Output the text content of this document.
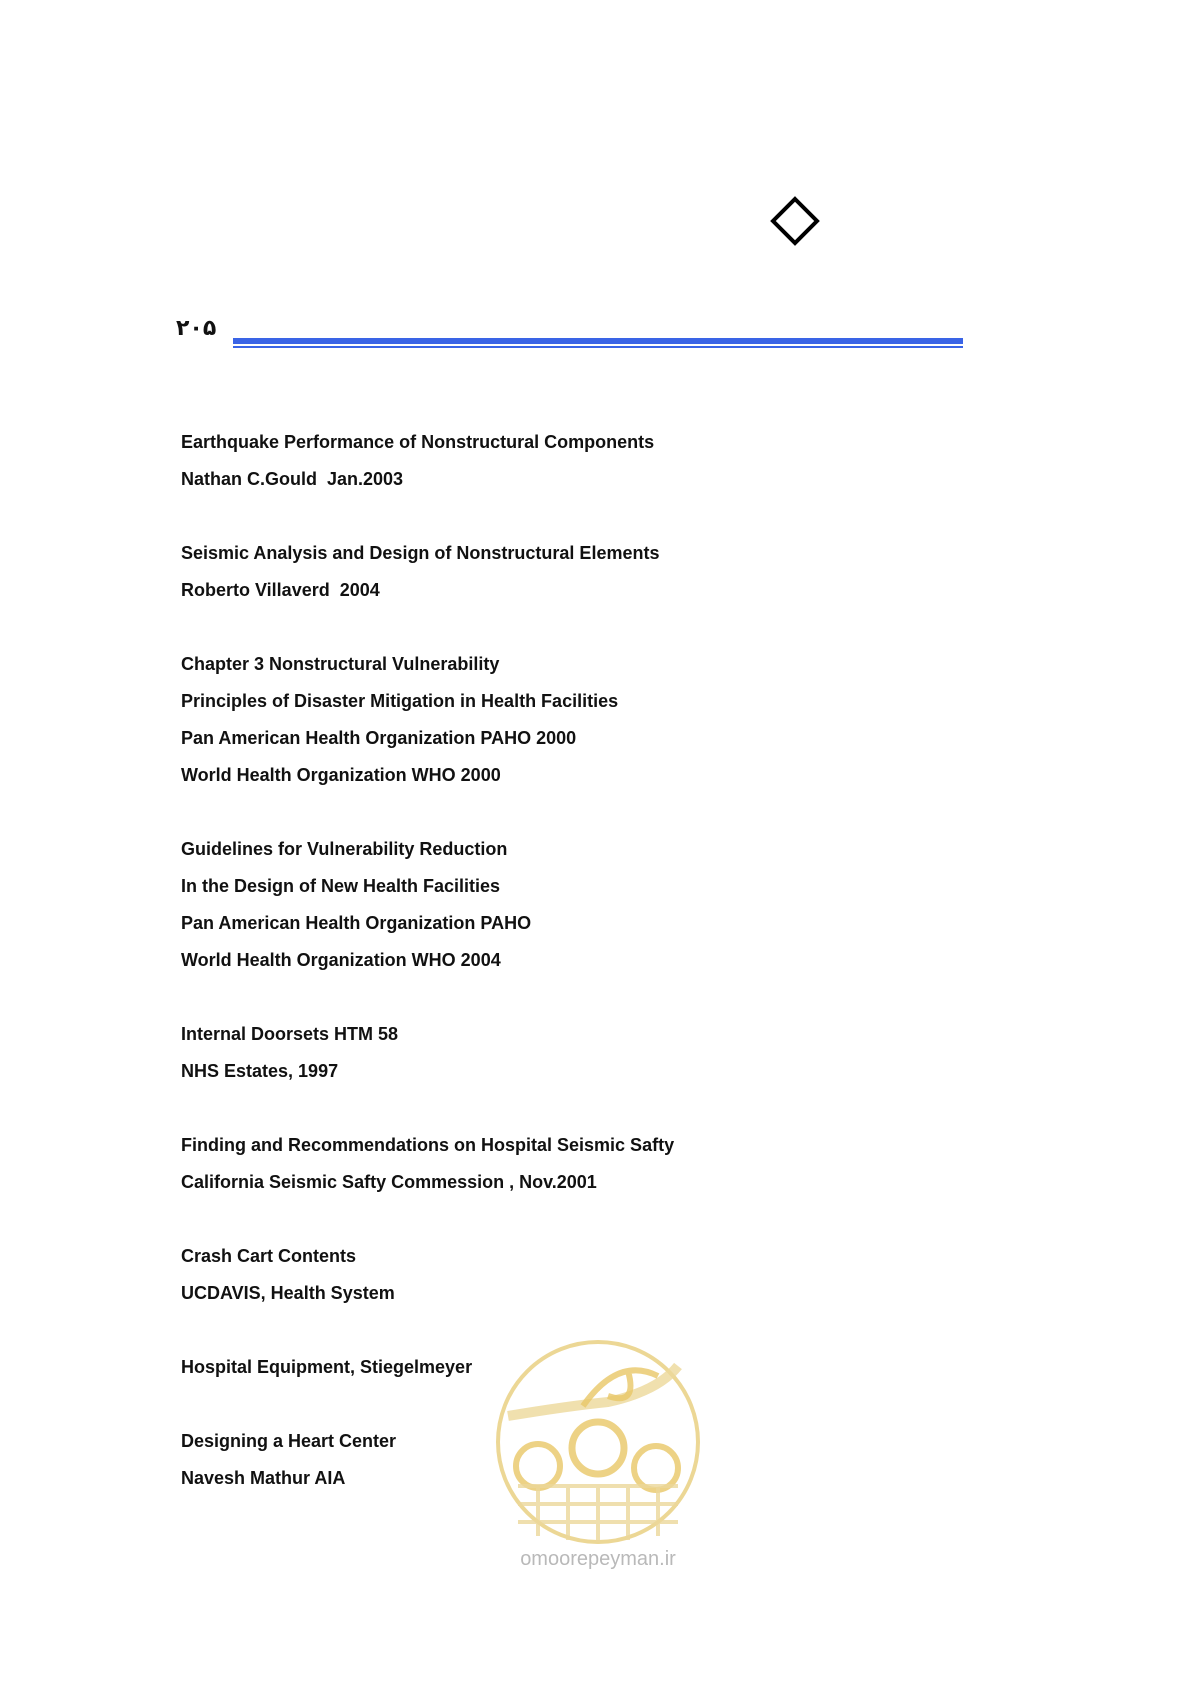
۲۰۵
Earthquake Performance of Nonstructural Components
Nathan C.Gould  Jan.2003
Seismic Analysis and Design of Nonstructural Elements
Roberto Villaverd  2004
Chapter 3 Nonstructural Vulnerability
Principles of Disaster Mitigation in Health Facilities
Pan American Health Organization PAHO 2000
World Health Organization WHO 2000
Guidelines for Vulnerability Reduction
In the Design of New Health Facilities
Pan American Health Organization PAHO
World Health Organization WHO 2004
Internal Doorsets HTM 58
NHS Estates, 1997
Finding and Recommendations on Hospital Seismic Safty
California Seismic Safty Commession , Nov.2001
Crash Cart Contents
UCDAVIS, Health System
Hospital Equipment, Stiegelmeyer
Designing a Heart Center
Navesh Mathur AIA
omoorepeyman.ir
